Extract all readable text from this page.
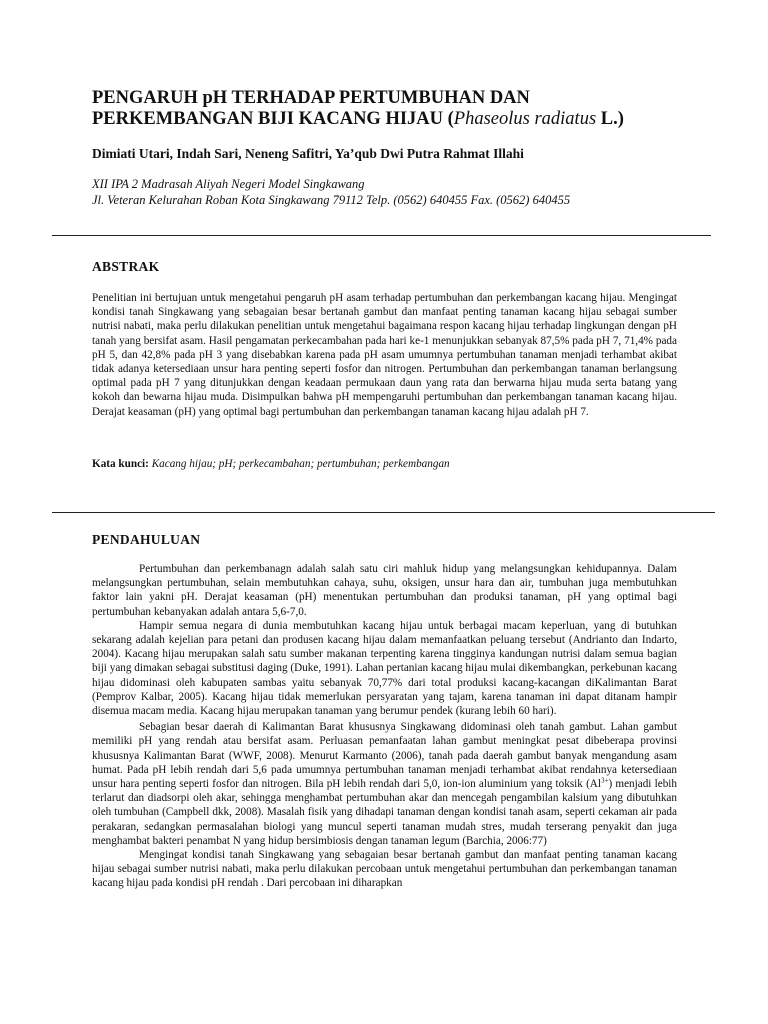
PENGARUH pH TERHADAP PERTUMBUHAN DAN PERKEMBANGAN BIJI KACANG HIJAU (Phaseolus radiatus L.)

Dimiati Utari, Indah Sari, Neneng Safitri, Ya’qub Dwi Putra Rahmat Illahi

XII IPA 2 Madrasah Aliyah Negeri Model Singkawang
Jl. Veteran Kelurahan Roban Kota Singkawang 79112 Telp. (0562) 640455 Fax. (0562) 640455
ABSTRAK

Penelitian ini bertujuan untuk mengetahui pengaruh pH asam terhadap pertumbuhan dan perkembangan kacang hijau. Mengingat kondisi tanah Singkawang yang sebagaian besar bertanah gambut dan manfaat penting tanaman kacang hijau sebagai sumber nutrisi nabati, maka perlu dilakukan penelitian untuk mengetahui bagaimana respon kacang hijau terhadap lingkungan dengan pH tanah yang bersifat asam. Hasil pengamatan perkecambahan pada hari ke-1 menunjukkan sebanyak 87,5% pada pH 7, 71,4% pada pH 5, dan 42,8% pada pH 3 yang disebabkan karena pada pH asam umumnya pertumbuhan tanaman menjadi terhambat akibat tidak adanya ketersediaan unsur hara penting seperti fosfor dan nitrogen. Pertumbuhan dan perkembangan tanaman berlangsung optimal pada pH 7 yang ditunjukkan dengan keadaan permukaan daun yang rata dan berwarna hijau muda serta batang yang kokoh dan bewarna hijau muda. Disimpulkan bahwa pH mempengaruhi pertumbuhan dan perkembangan tanaman kacang hijau. Derajat keasaman (pH) yang optimal bagi pertumbuhan dan perkembangan tanaman kacang hijau adalah pH 7.

Kata kunci: Kacang hijau; pH; perkecambahan; pertumbuhan; perkembangan

PENDAHULUAN

Pertumbuhan dan perkembanagn adalah salah satu ciri mahluk hidup yang melangsungkan kehidupannya. Dalam melangsungkan pertumbuhan, selain membutuhkan cahaya, suhu, oksigen, unsur hara dan air, tumbuhan juga membutuhkan faktor lain yakni pH. Derajat keasaman (pH) menentukan pertumbuhan dan produksi tanaman, pH yang optimal bagi pertumbuhan kebanyakan adalah antara 5,6-7,0.

Hampir semua negara di dunia membutuhkan kacang hijau untuk berbagai macam keperluan, yang di butuhkan sekarang adalah kejelian para petani dan produsen kacang hijau dalam memanfaatkan peluang tersebut (Andrianto dan Indarto, 2004). Kacang hijau merupakan salah satu sumber makanan terpenting karena tingginya kandungan nutrisi dalam semua bagian biji yang dimakan sebagai substitusi daging (Duke, 1991). Lahan pertanian kacang hijau mulai dikembangkan, perkebunan kacang hijau didominasi oleh kabupaten sambas yaitu sebanyak 70,77% dari total produksi kacang-kacangan diKalimantan Barat (Pemprov Kalbar, 2005). Kacang hijau tidak memerlukan persyaratan yang tajam, karena tanaman ini dapat ditanam hampir disemua macam media. Kacang hijau merupakan tanaman yang berumur pendek (kurang lebih 60 hari).

Sebagian besar daerah di Kalimantan Barat khususnya Singkawang didominasi oleh tanah gambut. Lahan gambut memiliki pH yang rendah atau bersifat asam. Perluasan pemanfaatan lahan gambut meningkat pesat dibeberapa provinsi khususnya Kalimantan Barat (WWF, 2008). Menurut Karmanto (2006), tanah pada daerah gambut banyak mengandung asam humat. Pada pH lebih rendah dari 5,6 pada umumnya pertumbuhan tanaman menjadi terhambat akibat rendahnya ketersediaan unsur hara penting seperti fosfor dan nitrogen. Bila pH lebih rendah dari 5,0, ion-ion aluminium yang toksik $(Al^{3+})$ menjadi lebih terlarut dan diadsorpi oleh akar, sehingga menghambat pertumbuhan akar dan mencegah pengambilan kalsium yang dibutuhkan oleh tumbuhan (Campbell dkk, 2008). Masalah fisik yang dihadapi tanaman dengan kondisi tanah asam, seperti cekaman air pada perakaran, sedangkan permasalahan biologi yang muncul seperti tanaman mudah stres, mudah terserang penyakit dan juga menghambat bakteri penambat N yang hidup bersimbiosis dengan tanaman legum (Barchia, 2006:77)

Mengingat kondisi tanah Singkawang yang sebagaian besar bertanah gambut dan manfaat penting tanaman kacang hijau sebagai sumber nutrisi nabati, maka perlu dilakukan percobaan untuk mengetahui pertumbuhan dan perkembangan tanaman kacang hijau pada kondisi pH rendah . Dari percobaan ini diharapkan
